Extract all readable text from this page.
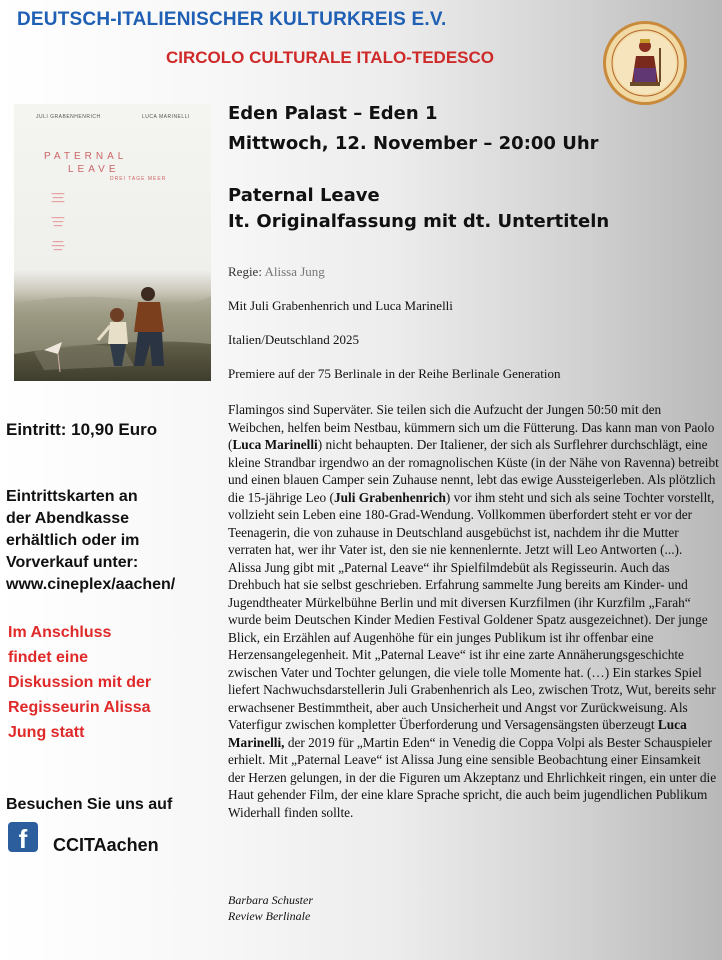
DEUTSCH-ITALIENISCHER KULTURKREIS E.V.
CIRCOLO CULTURALE ITALO-TEDESCO
JULI GRABENHENRICH	LUCA MARINELLI
PATERNAL
LEAVE
DREI TAGE MEER
━━━━━━
━━━━━
━━━━━━
━━━━━━
━━━━━
━━━━
━━━━━
━━━━━━
━━━━
Eden Palast – Eden 1
Mittwoch, 12. November – 20:00 Uhr
Paternal Leave
It. Originalfassung mit dt. Untertiteln
Regie: Alissa Jung
Mit Juli Grabenhenrich und Luca Marinelli
Italien/Deutschland 2025
Premiere auf der 75 Berlinale in der Reihe Berlinale Generation

Flamingos sind Superväter. Sie teilen sich die Aufzucht der Jungen 50:50 mit den Weibchen, helfen beim Nestbau, kümmern sich um die Fütterung. Das kann man von Paolo (Luca Marinelli) nicht behaupten. Der Italiener, der sich als Surflehrer durchschlägt, eine kleine Strandbar irgendwo an der romagnolischen Küste (in der Nähe von Ravenna) betreibt und einen blauen Camper sein Zuhause nennt, lebt das ewige Aussteigerleben. Als plötzlich die 15-jährige Leo (Juli Grabenhenrich) vor ihm steht und sich als seine Tochter vorstellt, vollzieht sein Leben eine 180-Grad-Wendung. Vollkommen überfordert steht er vor der Teenagerin, die von zuhause in Deutschland ausgebüchst ist, nachdem ihr die Mutter verraten hat, wer ihr Vater ist, den sie nie kennenlernte. Jetzt will Leo Antworten (...).

Alissa Jung gibt mit „Paternal Leave“ ihr Spielfilmdebüt als Regisseurin. Auch das Drehbuch hat sie selbst geschrieben. Erfahrung sammelte Jung bereits am Kinder- und Jugendtheater Mürkelbühne Berlin und mit diversen Kurzfilmen (ihr Kurzfilm „Farah“ wurde beim Deutschen Kinder Medien Festival Goldener Spatz ausgezeichnet). Der junge Blick, ein Erzählen auf Augenhöhe für ein junges Publikum ist ihr offenbar eine Herzensangelegenheit. Mit „Paternal Leave“ ist ihr eine zarte Annäherungsgeschichte zwischen Vater und Tochter gelungen, die viele tolle Momente hat. (…) Ein starkes Spiel liefert Nachwuchsdarstellerin Juli Grabenhenrich als Leo, zwischen Trotz, Wut, bereits sehr erwachsener Bestimmtheit, aber auch Unsicherheit und Angst vor Zurückweisung. Als Vaterfigur zwischen kompletter Überforderung und Versagensängsten überzeugt Luca Marinelli, der 2019 für „Martin Eden“ in Venedig die Coppa Volpi als Bester Schauspieler erhielt. Mit „Paternal Leave“ ist Alissa Jung eine sensible Beobachtung einer Einsamkeit der Herzen gelungen, in der die Figuren um Akzeptanz und Ehrlichkeit ringen, ein unter die Haut gehender Film, der eine klare Sprache spricht, die auch beim jugendlichen Publikum Widerhall finden sollte.

Barbara Schuster
Review Berlinale
Eintritt: 10,90 Euro
Eintrittskarten an
der Abendkasse
erhältlich oder im
Vorverkauf unter:
www.cineplex/aachen/
Im Anschluss
findet eine
Diskussion mit der
Regisseurin Alissa
Jung statt
Besuchen Sie uns auf
f	CCITAachen
